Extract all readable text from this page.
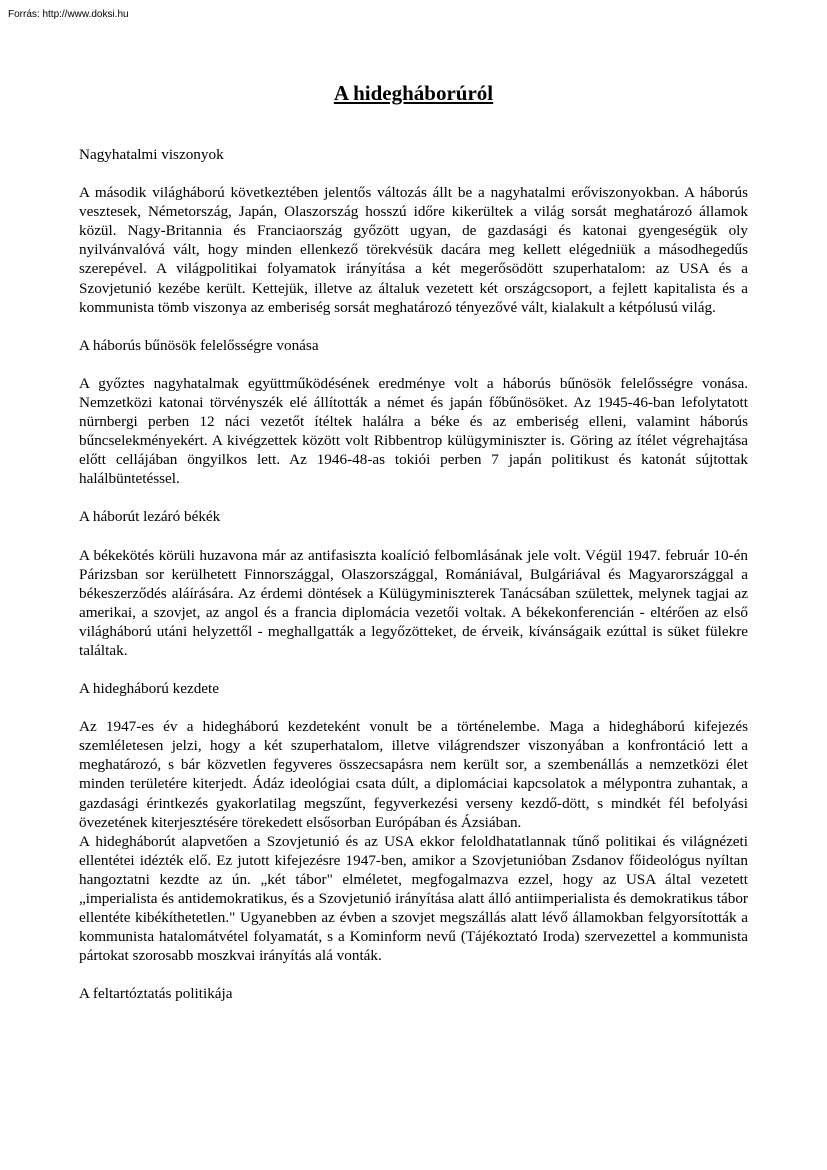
Forrás: http://www.doksi.hu
A hidegháborúról
Nagyhatalmi viszonyok

A második világháború következtében jelentős változás állt be a nagyhatalmi erőviszonyokban. A háborús vesztesek, Németország, Japán, Olaszország hosszú időre kikerültek a világ sorsát meghatározó államok közül. Nagy-Britannia és Franciaország győzött ugyan, de gazdasági és katonai gyengeségük oly nyilvánvalóvá vált, hogy minden ellenkező törekvésük dacára meg kellett elégedniük a másodhegedűs szerepével. A világpolitikai folyamatok irányítása a két megerősödött szuperhatalom: az USA és a Szovjetunió kezébe került. Kettejük, illetve az általuk vezetett két országcsoport, a fejlett kapitalista és a kommunista tömb viszonya az emberiség sorsát meghatározó tényezővé vált, kialakult a kétpólusú világ.

A háborús bűnösök felelősségre vonása

A győztes nagyhatalmak együttműködésének eredménye volt a háborús bűnösök felelősségre vonása. Nemzetközi katonai törvényszék elé állították a német és japán főbűnösöket. Az 1945-46-ban lefolytatott nürnbergi perben 12 náci vezetőt ítéltek halálra a béke és az emberiség elleni, valamint háborús bűncselekményekért. A kivégzettek között volt Ribbentrop külügyminiszter is. Göring az ítélet végrehajtása előtt cellájában öngyilkos lett. Az 1946-48-as tokiói perben 7 japán politikust és katonát sújtottak halálbüntetéssel.

A háborút lezáró békék

A békekötés körüli huzavona már az antifasiszta koalíció felbomlásának jele volt. Végül 1947. február 10-én Párizsban sor kerülhetett Finnországgal, Olaszországgal, Romániával, Bulgáriával és Magyarországgal a békeszerződés aláírására. Az érdemi döntések a Külügyminiszterek Tanácsában születtek, melynek tagjai az amerikai, a szovjet, az angol és a francia diplomácia vezetői voltak. A békekonferencián - eltérően az első világháború utáni helyzettől - meghallgatták a legyőzötteket, de érveik, kívánságaik ezúttal is süket fülekre találtak.

A hidegháború kezdete

Az 1947-es év a hidegháború kezdeteként vonult be a történelembe. Maga a hidegháború kifejezés szemléletesen jelzi, hogy a két szuperhatalom, illetve világrendszer viszonyában a konfrontáció lett a meghatározó, s bár közvetlen fegyveres összecsapásra nem került sor, a szembenállás a nemzetközi élet minden területére kiterjedt. Ádáz ideológiai csata dúlt, a diplomáciai kapcsolatok a mélypontra zuhantak, a gazdasági érintkezés gyakorlatilag megszűnt, fegyverkezési verseny kezdő-dött, s mindkét fél befolyási övezetének kiterjesztésére törekedett elsősorban Európában és Ázsiában.

A hidegháborút alapvetően a Szovjetunió és az USA ekkor feloldhatatlannak tűnő politikai és világnézeti ellentétei idézték elő. Ez jutott kifejezésre 1947-ben, amikor a Szovjetunióban Zsdanov főideológus nyíltan hangoztatni kezdte az ún. „két tábor" elméletet, megfogalmazva ezzel, hogy az USA által vezetett „imperialista és antidemokratikus, és a Szovjetunió irányítása alatt álló antiimperialista és demokratikus tábor ellentéte kibékíthetetlen." Ugyanebben az évben a szovjet megszállás alatt lévő államokban felgyorsították a kommunista hatalomátvétel folyamatát, s a Kominform nevű (Tájékoztató Iroda) szervezettel a kommunista pártokat szorosabb moszkvai irányítás alá vonták.

A feltartóztatás politikája
